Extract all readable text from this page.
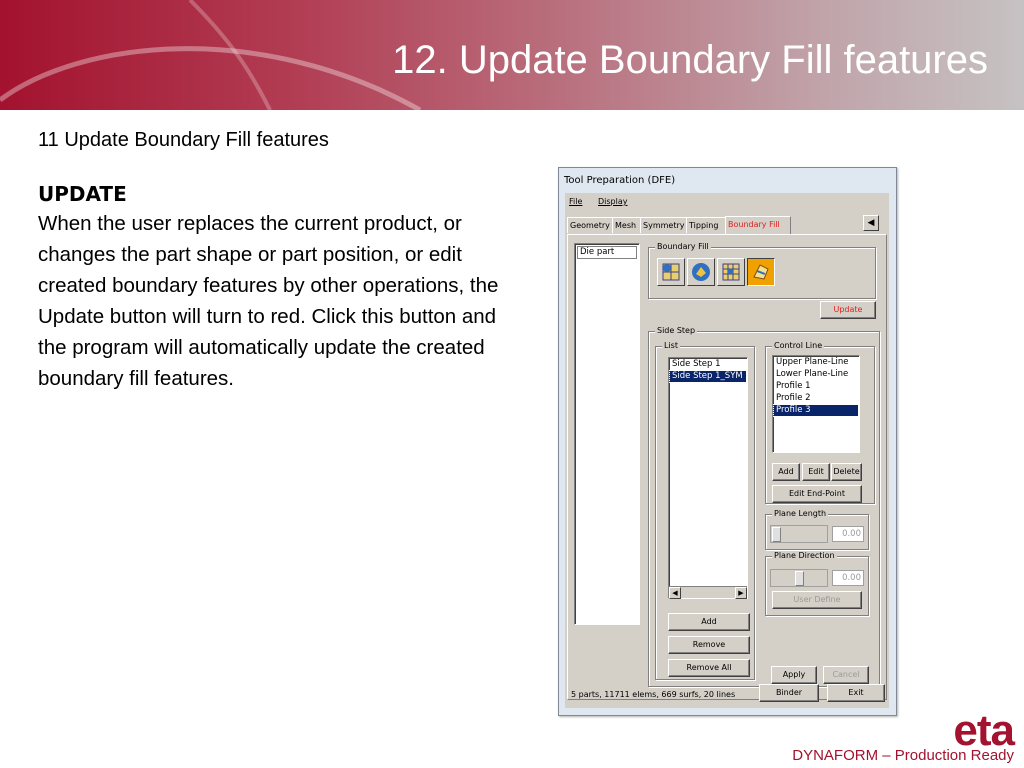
12. Update Boundary Fill features
11 Update Boundary Fill features
UPDATE
When the user replaces the current product, or changes the part shape or part position, or edit created boundary features by other operations, the Update button will turn to red. Click this button and the program will automatically update the created boundary fill features.
Tool Preparation (DFE)
File Display
Geometry Mesh Symmetry Tipping	Boundary Fill	◀
Die part
Boundary Fill
Update
Side Step
List
Side Step 1
Side Step 1_SYM
◀	▶
Add
Remove
Remove All
Control Line
Upper Plane-Line
Lower Plane-Line
Profile 1
Profile 2
Profile 3
Add	Edit	Delete
Edit End-Point
Plane Length
0.00
Plane Direction
0.00
User Define
Apply	Cancel
5 parts, 11711 elems, 669 surfs, 20 lines	Binder	Exit
eta
DYNAFORM – Production Ready
